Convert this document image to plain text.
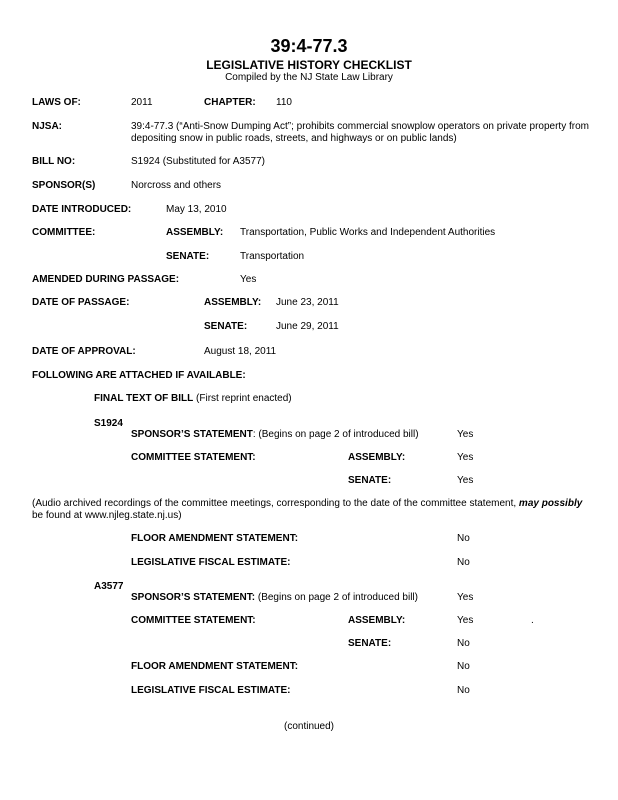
39:4-77.3
LEGISLATIVE HISTORY CHECKLIST
Compiled by the NJ State Law Library
LAWS OF:	2011	CHAPTER: 110
NJSA:	39:4-77.3 (“Anti-Snow Dumping Act”; prohibits commercial snowplow operators on private property from
depositing snow in public roads, streets, and highways or on public lands)
BILL NO:	S1924 (Substituted for A3577)
SPONSOR(S)	Norcross and others
DATE INTRODUCED:	May 13, 2010
COMMITTEE:	ASSEMBLY: Transportation, Public Works and Independent Authorities
SENATE:	Transportation
AMENDED DURING PASSAGE:	Yes
DATE OF PASSAGE:	ASSEMBLY: June 23, 2011
SENATE:	June 29, 2011
DATE OF APPROVAL:	August 18, 2011
FOLLOWING ARE ATTACHED IF AVAILABLE:
FINAL TEXT OF BILL (First reprint enacted)
S1924
SPONSOR’S STATEMENT: (Begins on page 2 of introduced bill)	Yes
COMMITTEE STATEMENT:	ASSEMBLY:	Yes
SENATE:	Yes
(Audio archived recordings of the committee meetings, corresponding to the date of the committee statement, may possibly
be found at www.njleg.state.nj.us)
FLOOR AMENDMENT STATEMENT:	No
LEGISLATIVE FISCAL ESTIMATE:	No
A3577
SPONSOR’S STATEMENT: (Begins on page 2 of introduced bill)	Yes
COMMITTEE STATEMENT:	ASSEMBLY:	Yes	.
SENATE:	No
FLOOR AMENDMENT STATEMENT:	No
LEGISLATIVE FISCAL ESTIMATE:	No
(continued)
